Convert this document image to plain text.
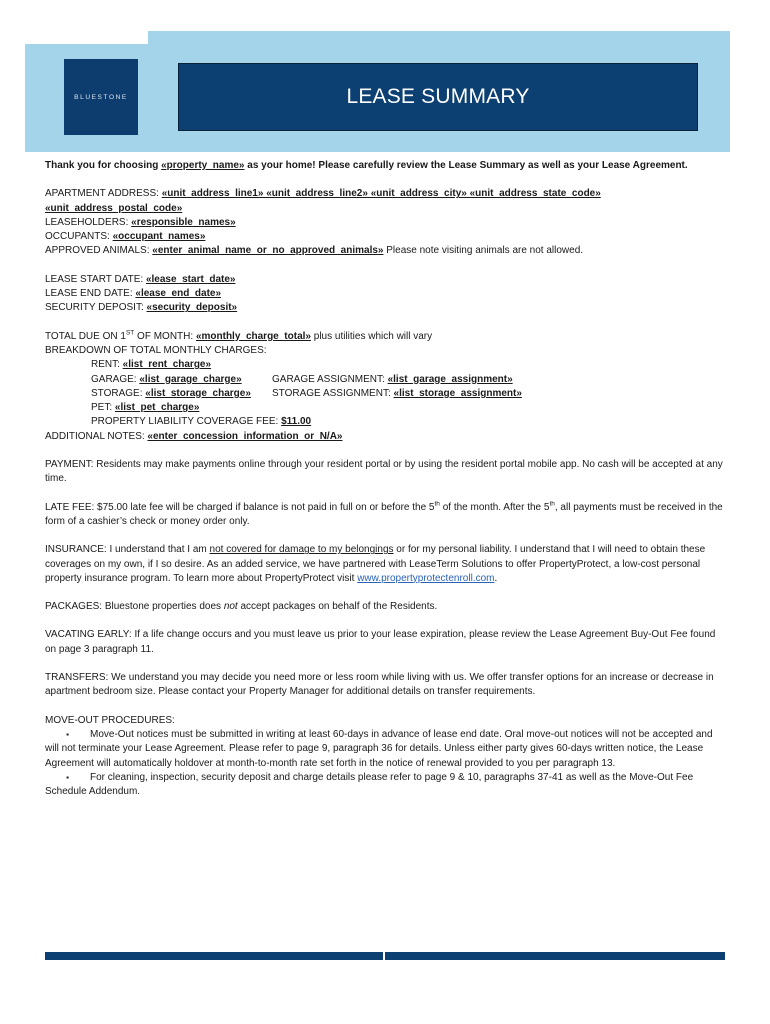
BLUESTONE	LEASE SUMMARY

Thank you for choosing «property_name» as your home! Please carefully review the Lease Summary as well as your Lease Agreement.

APARTMENT ADDRESS: «unit_address_line1» «unit_address_line2» «unit_address_city» «unit_address_state_code»

«unit_address_postal_code»

LEASEHOLDERS: «responsible_names»

OCCUPANTS: «occupant_names»

APPROVED ANIMALS: «enter_animal_name_or_no_approved_animals» Please note visiting animals are not allowed.

LEASE START DATE: «lease_start_date»

LEASE END DATE: «lease_end_date»

SECURITY DEPOSIT: «security_deposit»

TOTAL DUE ON 1ST OF MONTH: «monthly_charge_total» plus utilities which will vary

BREAKDOWN OF TOTAL MONTHLY CHARGES:

RENT: «list_rent_charge»

GARAGE: «list_garage_charge»	GARAGE ASSIGNMENT: «list_garage_assignment»
STORAGE: «list_storage_charge»	STORAGE ASSIGNMENT: «list_storage_assignment»

PET: «list_pet_charge»

PROPERTY LIABILITY COVERAGE FEE: $11.00

ADDITIONAL NOTES: «enter_concession_information_or_N/A»

PAYMENT: Residents may make payments online through your resident portal or by using the resident portal mobile app. No cash will be accepted at any time.

LATE FEE: $75.00 late fee will be charged if balance is not paid in full on or before the 5th of the month. After the 5th, all payments must be received in the form of a cashier’s check or money order only.

INSURANCE: I understand that I am not covered for damage to my belongings or for my personal liability. I understand that I will need to obtain these coverages on my own, if I so desire. As an added service, we have partnered with LeaseTerm Solutions to offer PropertyProtect, a low-cost personal property insurance program. To learn more about PropertyProtect visit www.propertyprotectenroll.com.

PACKAGES: Bluestone properties does not accept packages on behalf of the Residents.

VACATING EARLY: If a life change occurs and you must leave us prior to your lease expiration, please review the Lease Agreement Buy-Out Fee found on page 3 paragraph 11.

TRANSFERS: We understand you may decide you need more or less room while living with us. We offer transfer options for an increase or decrease in apartment bedroom size. Please contact your Property Manager for additional details on transfer requirements.

MOVE-OUT PROCEDURES:

▪ Move-Out notices must be submitted in writing at least 60-days in advance of lease end date. Oral move-out notices will not be accepted and will not terminate your Lease Agreement. Please refer to page 9, paragraph 36 for details. Unless either party gives 60-days written notice, the Lease Agreement will automatically holdover at month-to-month rate set forth in the notice of renewal provided to you per paragraph 13.

▪ For cleaning, inspection, security deposit and charge details please refer to page 9 & 10, paragraphs 37-41 as well as the Move-Out Fee Schedule Addendum.
